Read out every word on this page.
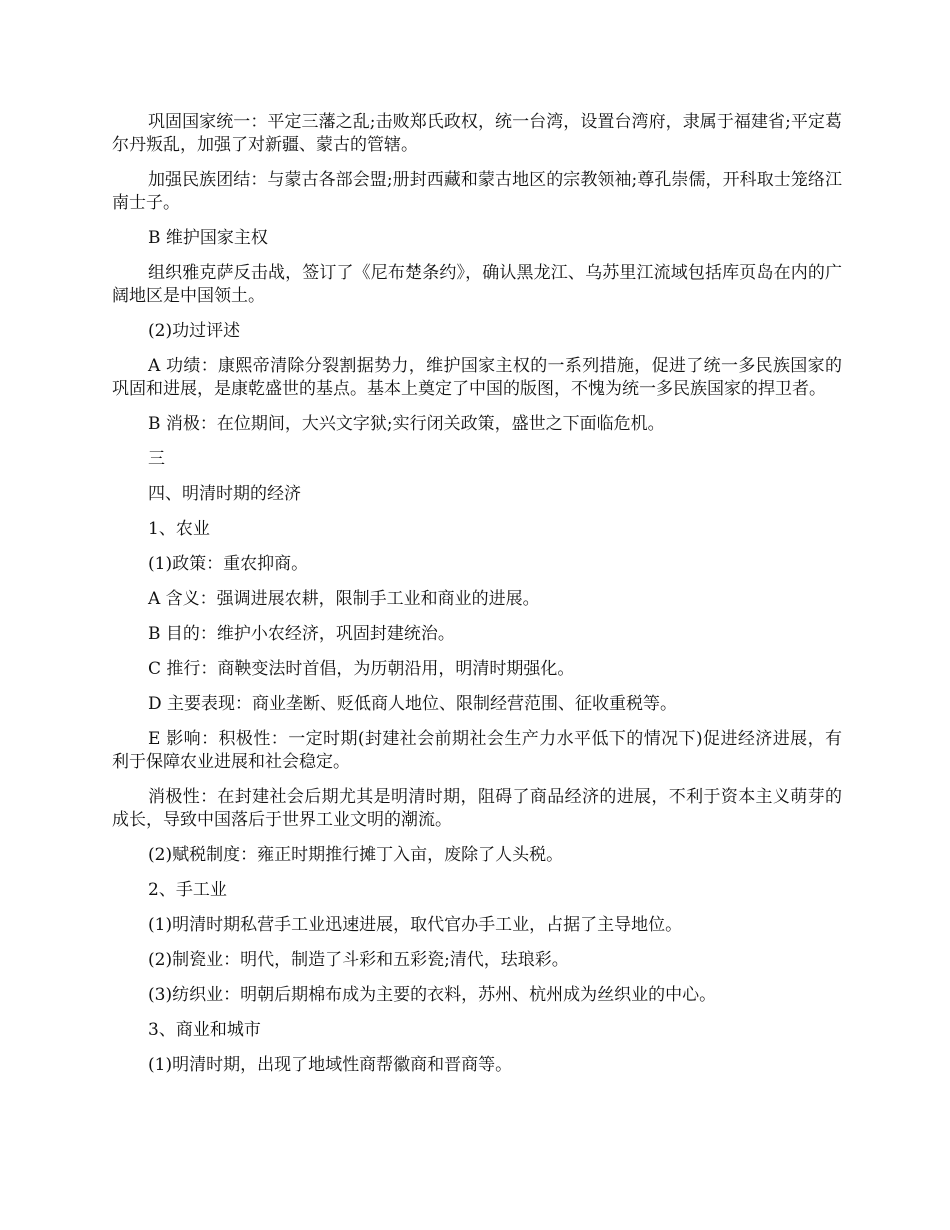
巩固国家统一：平定三藩之乱;击败郑氏政权，统一台湾，设置台湾府，隶属于福建省;平定葛尔丹叛乱，加强了对新疆、蒙古的管辖。

加强民族团结：与蒙古各部会盟;册封西藏和蒙古地区的宗教领袖;尊孔崇儒，开科取士笼络江南士子。

B 维护国家主权

组织雅克萨反击战，签订了《尼布楚条约》，确认黑龙江、乌苏里江流域包括库页岛在内的广阔地区是中国领土。

(2)功过评述

A 功绩：康熙帝清除分裂割据势力，维护国家主权的一系列措施，促进了统一多民族国家的巩固和进展，是康乾盛世的基点。基本上奠定了中国的版图，不愧为统一多民族国家的捍卫者。

B 消极：在位期间，大兴文字狱;实行闭关政策，盛世之下面临危机。

三

四、明清时期的经济

1、农业

(1)政策：重农抑商。

A 含义：强调进展农耕，限制手工业和商业的进展。

B 目的：维护小农经济，巩固封建统治。

C 推行：商鞅变法时首倡，为历朝沿用，明清时期强化。

D 主要表现：商业垄断、贬低商人地位、限制经营范围、征收重税等。

E 影响：积极性：一定时期(封建社会前期社会生产力水平低下的情况下)促进经济进展，有利于保障农业进展和社会稳定。

消极性：在封建社会后期尤其是明清时期，阻碍了商品经济的进展，不利于资本主义萌芽的成长，导致中国落后于世界工业文明的潮流。

(2)赋税制度：雍正时期推行摊丁入亩，废除了人头税。

2、手工业

(1)明清时期私营手工业迅速进展，取代官办手工业，占据了主导地位。

(2)制瓷业：明代，制造了斗彩和五彩瓷;清代，珐琅彩。

(3)纺织业：明朝后期棉布成为主要的衣料，苏州、杭州成为丝织业的中心。

3、商业和城市

(1)明清时期，出现了地域性商帮徽商和晋商等。
